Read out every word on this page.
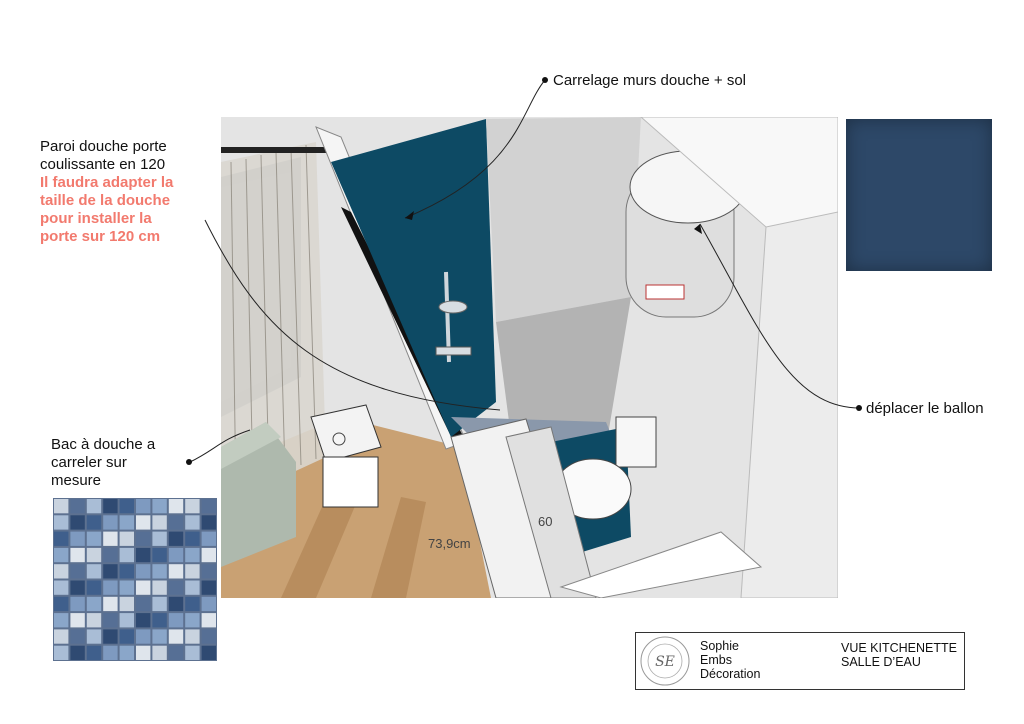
73,9cm
60
Paroi douche porte
coulissante en 120
Il faudra adapter la
taille de la douche
pour installer la
porte sur 120 cm
Carrelage murs douche + sol
Bac à douche a
carreler sur
mesure
déplacer le ballon
SE
Sophie
Embs
Décoration
VUE KITCHENETTE
SALLE D’EAU
